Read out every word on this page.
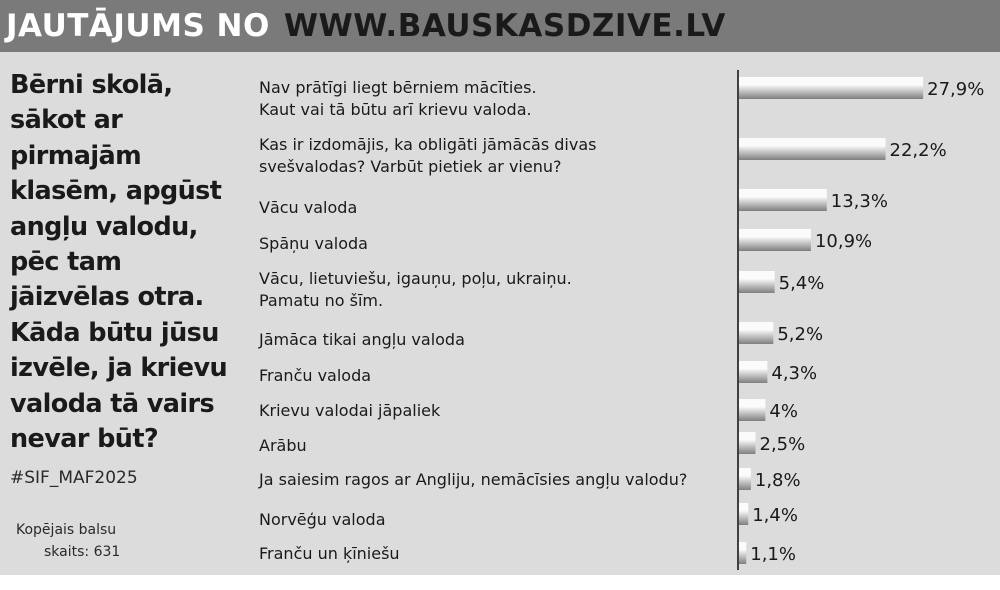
JAUTĀJUMS NO WWW.BAUSKASDZIVE.LV
Bērni skolā, sākot ar pirmajām klasēm, apgūst angļu valodu, pēc tam jāizvēlas otra. Kāda būtu jūsu izvēle, ja krievu valoda tā vairs nevar būt?
#SIF_MAF2025
Kopējais balsu
skaits: 631
Nav prātīgi liegt bērniem mācīties.
Kaut vai tā būtu arī krievu valoda.
Kas ir izdomājis, ka obligāti jāmācās divas
svešvalodas? Varbūt pietiek ar vienu?
Vācu valoda
Spāņu valoda
Vācu, lietuviešu, igauņu, poļu, ukraiņu.
Pamatu no šīm.
Jāmāca tikai angļu valoda
Franču valoda
Krievu valodai jāpaliek
Arābu
Ja saiesim ragos ar Angliju, nemācīsies angļu valodu?
Norvēģu valoda
Franču un ķīniešu
27,9%
22,2%
13,3%
10,9%
5,4%
5,2%
4,3%
4%
2,5%
1,8%
1,4%
1,1%
